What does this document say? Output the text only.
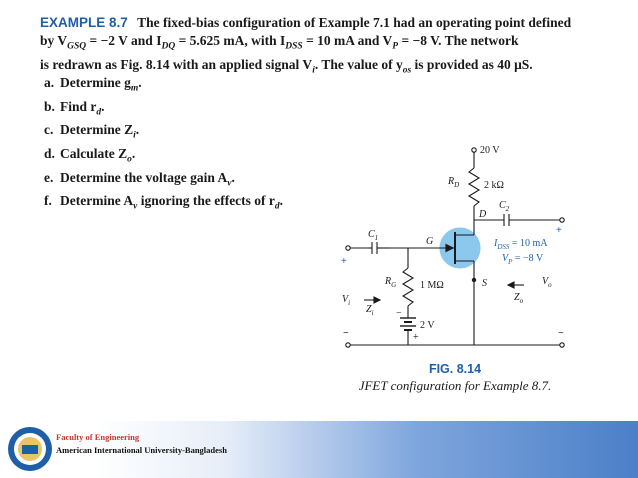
EXAMPLE 8.7 The fixed-bias configuration of Example 7.1 had an operating point defined
by $V_{GSQ} = -2$ V and $I_{DQ} = 5.625$ mA, with $I_{DSS} = 10$ mA and $V_P = -8$ V. The network
is redrawn as Fig. 8.14 with an applied signal $V_i$. The value of $y_{os}$ is provided as 40 μS.
a. Determine $g_m$.
b. Find $r_d$.
c. Determine $Z_i$.
d. Calculate $Z_o$.
e. Determine the voltage gain $A_v$.
f. Determine $A_v$ ignoring the effects of $r_d$.
20 V
$R_D$ 2 kΩ
$C_2$
D
$C_1$	G	$I_{DSS} = 10$ mA
$V_P = -8$ V
$R_G$ 1 MΩ	S	$V_o$
$Z_o$
$V_i$
$Z_i$ −
+
2 V
+
−
+
−
FIG. 8.14
JFET configuration for Example 8.7.
Faculty of Engineering
American International University-Bangladesh
